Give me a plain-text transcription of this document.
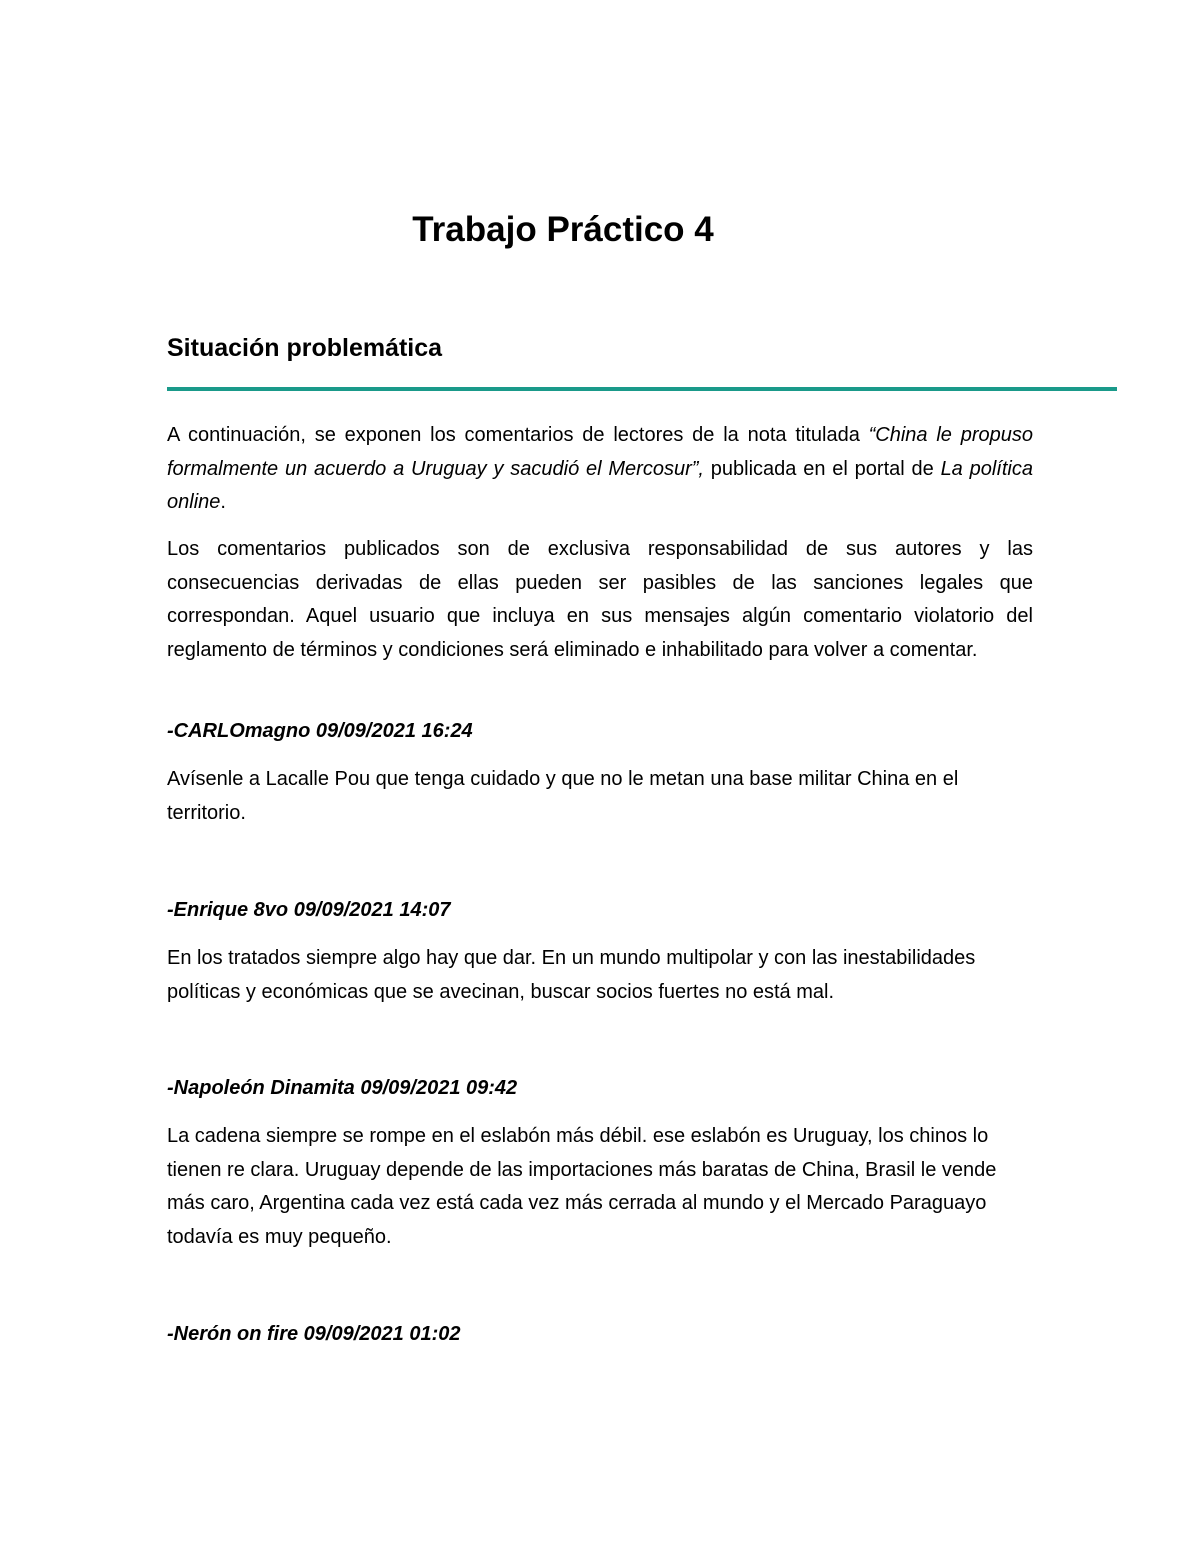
Trabajo Práctico 4
Situación problemática

A continuación, se exponen los comentarios de lectores de la nota titulada “China le propuso formalmente un acuerdo a Uruguay y sacudió el Mercosur”, publicada en el portal de La política online.

Los comentarios publicados son de exclusiva responsabilidad de sus autores y las consecuencias derivadas de ellas pueden ser pasibles de las sanciones legales que correspondan. Aquel usuario que incluya en sus mensajes algún comentario violatorio del reglamento de términos y condiciones será eliminado e inhabilitado para volver a comentar.

-CARLOmagno 09/09/2021 16:24

Avísenle a Lacalle Pou que tenga cuidado y que no le metan una base militar China en el territorio.

-Enrique 8vo 09/09/2021 14:07

En los tratados siempre algo hay que dar. En un mundo multipolar y con las inestabilidades políticas y económicas que se avecinan, buscar socios fuertes no está mal.

-Napoleón Dinamita 09/09/2021 09:42

La cadena siempre se rompe en el eslabón más débil. ese eslabón es Uruguay, los chinos lo tienen re clara. Uruguay depende de las importaciones más baratas de China, Brasil le vende más caro, Argentina cada vez está cada vez más cerrada al mundo y el Mercado Paraguayo todavía es muy pequeño.

-Nerón on fire 09/09/2021 01:02
